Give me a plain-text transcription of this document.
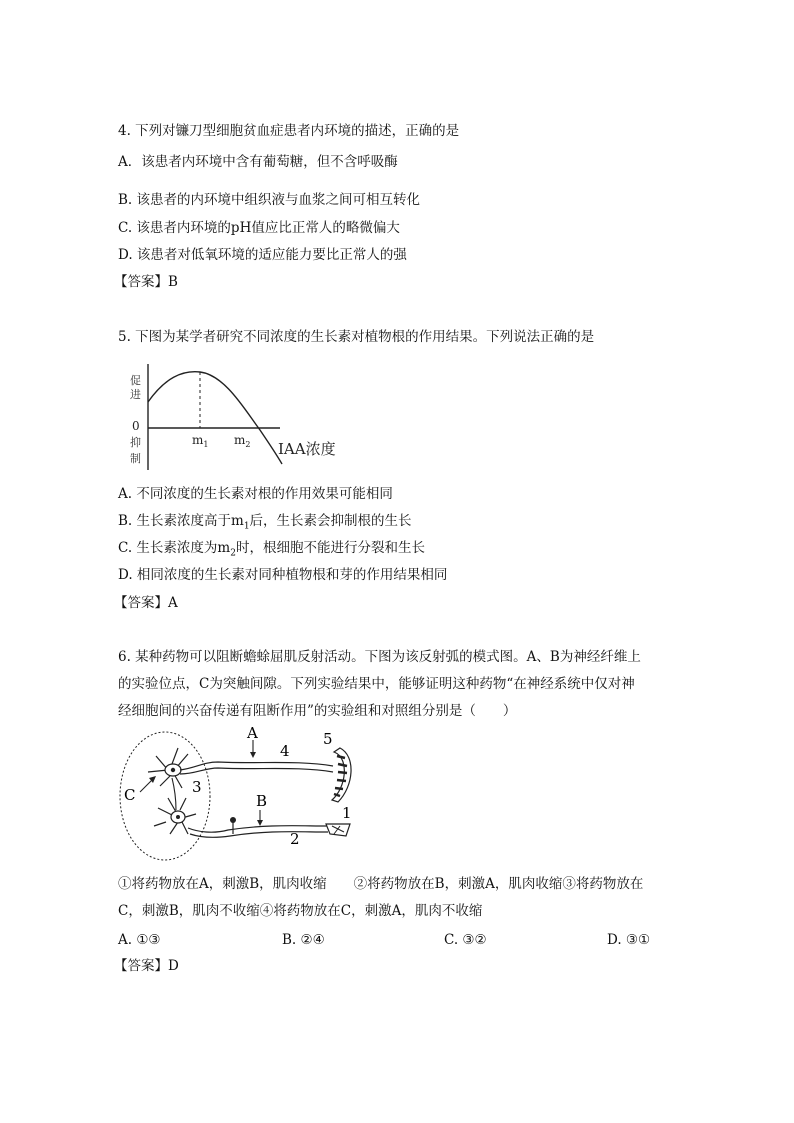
4. 下列对镰刀型细胞贫血症患者内环境的描述，正确的是
A．该患者内环境中含有葡萄糖，但不含呼吸酶
B. 该患者的内环境中组织液与血浆之间可相互转化
C. 该患者内环境的pH值应比正常人的略微偏大
D. 该患者对低氧环境的适应能力要比正常人的强
【答案】B
5. 下图为某学者研究不同浓度的生长素对植物根的作用结果。下列说法正确的是
促
进
0
抑
制
$m_1$ $m_2$ IAA浓度
A. 不同浓度的生长素对根的作用效果可能相同
B. 生长素浓度高于$m_1$后，生长素会抑制根的生长
C. 生长素浓度为$m_2$时，根细胞不能进行分裂和生长
D. 相同浓度的生长素对同种植物根和芽的作用结果相同
【答案】A
6. 某种药物可以阻断蟾蜍屈肌反射活动。下图为该反射弧的模式图。A、B为神经纤维上
的实验位点，C为突触间隙。下列实验结果中，能够证明这种药物“在神经系统中仅对神
经细胞间的兴奋传递有阻断作用”的实验组和对照组分别是（　　）
A
B
C
1
2
3
4
5
①将药物放在A，刺激B，肌肉收缩　　②将药物放在B，刺激A，肌肉收缩③将药物放在
C，刺激B，肌肉不收缩④将药物放在C，刺激A，肌肉不收缩
A. ①③	B. ②④	C. ③②	D. ③①
【答案】D
